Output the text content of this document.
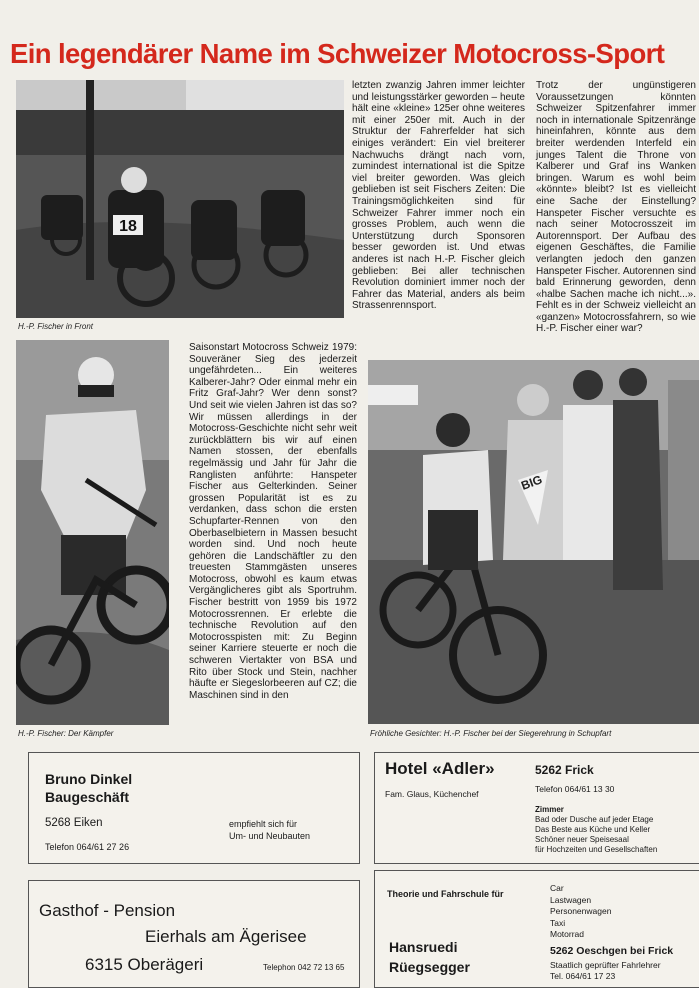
Ein legendärer Name im Schweizer Motocross-Sport
18
H.-P. Fischer in Front

letzten zwanzig Jahren immer leichter und leistungsstärker geworden – heute hält eine «kleine» 125er ohne weiteres mit einer 250er mit. Auch in der Struktur der Fahrerfelder hat sich einiges verändert: Ein viel breiterer Nachwuchs drängt nach vorn, zumindest international ist die Spitze viel breiter geworden. Was gleich geblieben ist seit Fischers Zeiten: Die Trainingsmöglichkeiten sind für Schweizer Fahrer immer noch ein grosses Problem, auch wenn die Unterstützung durch Sponsoren besser geworden ist. Und etwas anderes ist nach H.-P. Fischer gleich geblieben: Bei aller technischen Revolution dominiert immer noch der Fahrer das Material, anders als beim Strassenrennsport.

Trotz der ungünstigeren Voraussetzungen könnten Schweizer Spitzenfahrer immer noch in internationale Spitzenränge hineinfahren, könnte aus dem breiter werdenden Interfeld ein junges Talent die Throne von Kalberer und Graf ins Wanken bringen. Warum es wohl beim «könnte» bleibt? Ist es vielleicht eine Sache der Einstellung? Hanspeter Fischer versuchte es nach seiner Motocrosszeit im Autorennsport. Der Aufbau des eigenen Geschäftes, die Familie verlangten jedoch den ganzen Hanspeter Fischer. Autorennen sind bald Erinnerung geworden, denn «halbe Sachen mache ich nicht...». Fehlt es in der Schweiz vielleicht an «ganzen» Motocrossfahrern, so wie H.-P. Fischer einer war?

H.-P. Fischer: Der Kämpfer

Saisonstart Motocross Schweiz 1979: Souveräner Sieg des jederzeit ungefährdeten... Ein weiteres Kalberer-Jahr? Oder einmal mehr ein Fritz Graf-Jahr? Wer denn sonst? Und seit wie vielen Jahren ist das so? Wir müssen allerdings in der Motocross-Geschichte nicht sehr weit zurückblättern bis wir auf einen Namen stossen, der ebenfalls regelmässig und Jahr für Jahr die Ranglisten anführte: Hanspeter Fischer aus Gelterkinden. Seiner grossen Popularität ist es zu verdanken, dass schon die ersten Schupfarter-Rennen von den Oberbaselbietern in Massen besucht worden sind. Und noch heute gehören die Landschäftler zu den treuesten Stammgästen unseres Motocross, obwohl es kaum etwas Vergänglicheres gibt als Sportruhm. Fischer bestritt von 1959 bis 1972 Motocrossrennen. Er erlebte die technische Revolution auf den Motocrosspisten mit: Zu Beginn seiner Karriere steuerte er noch die schweren Viertakter von BSA und Rito über Stock und Stein, nachher häufte er Siegeslorbeeren auf CZ; die Maschinen sind in den

BIG
Fröhliche Gesichter: H.-P. Fischer bei der Siegerehrung in Schupfart
Bruno Dinkel
Baugeschäft
5268 Eiken
Telefon 064/61 27 26
empfiehlt sich für
Um- und Neubauten
Hotel «Adler»	5262 Frick
Fam. Glaus, Küchenchef	Telefon 064/61 13 30
Zimmer
Bad oder Dusche auf jeder Etage
Das Beste aus Küche und Keller
Schöner neuer Speisesaal
für Hochzeiten und Gesellschaften
Gasthof - Pension
Eierhals am Ägerisee
6315 Oberägeri	Telephon 042 72 13 65
Theorie und Fahrschule für
Hansruedi
Rüegsegger
Car
Lastwagen
Personenwagen
Taxi
Motorrad
5262 Oeschgen bei Frick
Staatlich geprüfter Fahrlehrer
Tel. 064/61 17 23
